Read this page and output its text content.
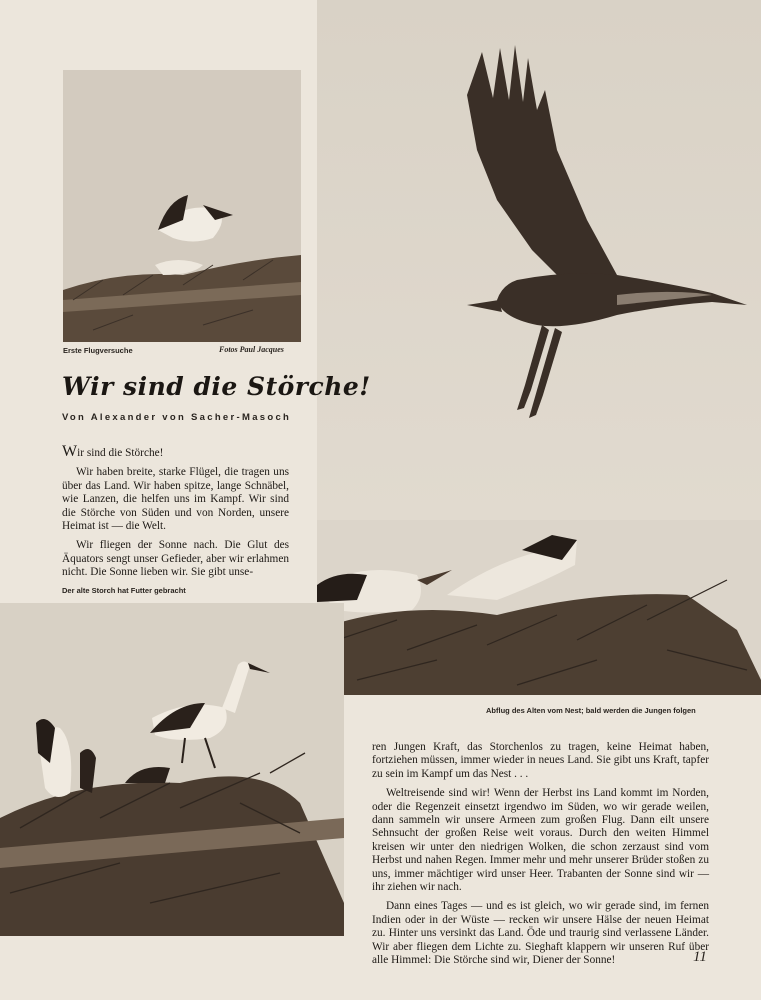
Erste Flugversuche	Fotos Paul Jacques
Wir sind die Störche!
Von Alexander von Sacher-Masoch

Wir sind die Störche!

Wir haben breite, starke Flügel, die tragen uns über das Land. Wir haben spitze, lange Schnäbel, wie Lanzen, die helfen uns im Kampf. Wir sind die Störche von Süden und von Norden, unsere Heimat ist — die Welt.

Wir fliegen der Sonne nach. Die Glut des Äquators sengt unser Gefieder, aber wir erlahmen nicht. Die Sonne lieben wir. Sie gibt unse-

Der alte Storch hat Futter gebracht
Abflug des Alten vom Nest; bald werden die Jungen folgen

ren Jungen Kraft, das Storchenlos zu tragen, keine Heimat haben, fortziehen müssen, immer wieder in neues Land. Sie gibt uns Kraft, tapfer zu sein im Kampf um das Nest . . .

Weltreisende sind wir! Wenn der Herbst ins Land kommt im Norden, oder die Regenzeit einsetzt irgendwo im Süden, wo wir gerade weilen, dann sammeln wir unsere Armeen zum großen Flug. Dann eilt unsere Sehnsucht der großen Reise weit voraus. Durch den weiten Himmel kreisen wir unter den niedrigen Wolken, die schon zerzaust sind vom Herbst und nahen Regen. Immer mehr und mehr unserer Brüder stoßen zu uns, immer mächtiger wird unser Heer. Trabanten der Sonne sind wir — ihr ziehen wir nach.

Dann eines Tages — und es ist gleich, wo wir gerade sind, im fernen Indien oder in der Wüste — recken wir unsere Hälse der neuen Heimat zu. Hinter uns versinkt das Land. Öde und traurig sind verlassene Länder. Wir aber fliegen dem Lichte zu. Sieghaft klappern wir unseren Ruf über alle Himmel: Die Störche sind wir, Diener der Sonne!	11
